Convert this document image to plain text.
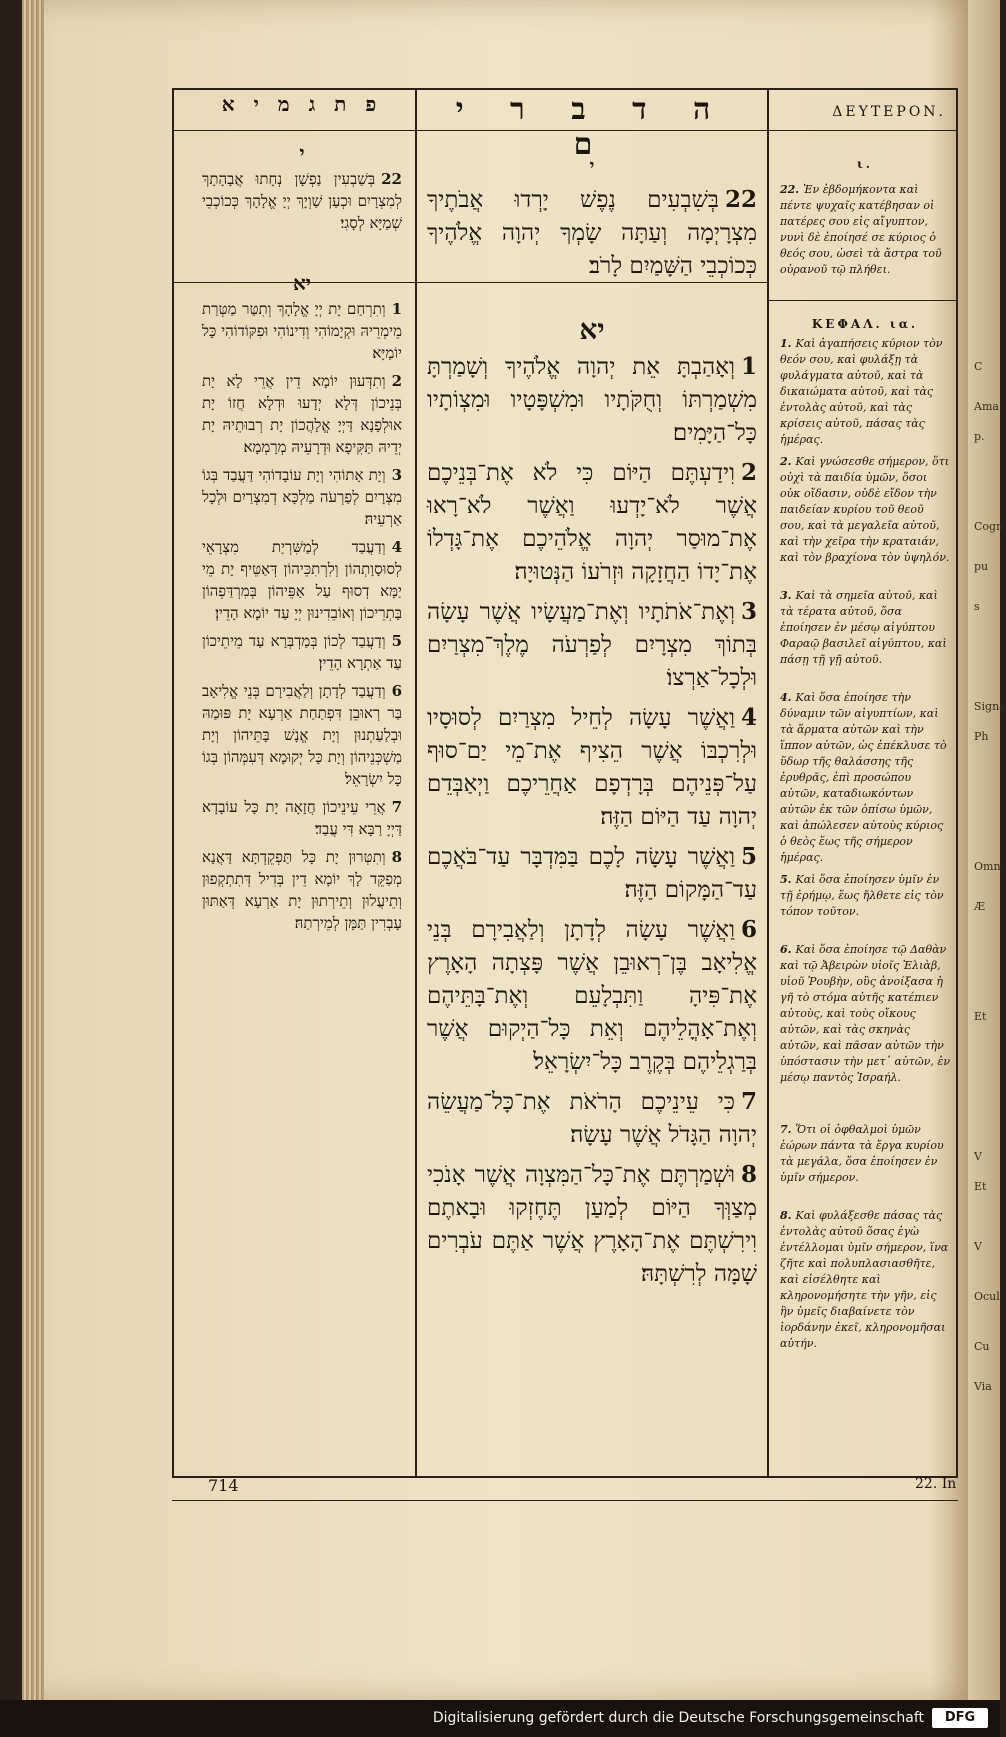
פ ת ג מ י א	ה ד ב ר י ם
ΔΕΥΤΕΡΟΝ.
י
22בְּשַׁבְעִין נַפְשָׁן נְחָתוּ אֲבָהָתָךְ לְמִצְרָיִם וּכְעַן שַׁוְיָךְ יְיָ אֱלָהָךְ כְּכוֹכְבֵי שְׁמַיָּא לְסָגִי׃
יא
1וְתִרְחַם יָת יְיָ אֱלָהָךְ וְתִטַּר מַטְּרַת מֵימְרֵיהּ וּקְיָמוֹהִי וְדִינוֹהִי וּפִקּוֹדוֹהִי כָּל יוֹמַיָּא׃
2וְתִדְּעוּן יוֹמָא דֵין אֲרֵי לָא יָת בְּנֵיכוֹן דְּלָא יְדָעוּ וּדְלָא חֲזוֹ יָת אוּלְפָנָא דַּיְיָ אֱלָהֲכוֹן יָת רְבוּתֵיהּ יָת יְדֵיהּ תַּקִּיפָא וּדְרָעֵיהּ מְרָמְמָא׃
3וְיָת אָתוֹהִי וְיָת עוֹבָדוֹהִי דַּעֲבַד בְּגוֹ מִצְרָיִם לְפַרְעֹה מַלְכָּא דְמִצְרַיִם וּלְכָל אַרְעֵיהּ׃
4וְדַעֲבַד לְמַשִּׁרְיַת מִצְרָאֵי לְסוּסָוָתְהוֹן וְלִרְתִכֵּיהוֹן דְּאַטֵּיף יָת מֵי יַמָּא דְסוּף עַל אַפֵּיהוֹן בְּמִרְדַּפְהוֹן בָּתְרֵיכוֹן וְאוֹבֵדִינוּן יְיָ עַד יוֹמָא הָדֵין׃
5וְדַעֲבַד לְכוֹן בְּמַדְבְּרָא עַד מֵיתֵיכוֹן עַד אַתְרָא הָדֵין׃
6וְדַעֲבַד לְדָתָן וְלַאֲבִירָם בְּנֵי אֱלִיאָב בַּר רְאוּבֵן דִּפְתַחַת אַרְעָא יָת פּוּמַהּ וּבְלַעַתְנוּן וְיָת אֱנָשׁ בָּתֵּיהוֹן וְיָת מַשְׁכְּנֵיהוֹן וְיָת כָּל יְקוּמָא דְּעִמְּהוֹן בְּגוֹ כָּל יִשְׂרָאֵל׃
7אֲרֵי עֵינֵיכוֹן חֲזָאָה יָת כָּל עוֹבָדָא דַּיְיָ רַבָּא דִּי עֲבַד׃
8וְתִטְּרוּן יָת כָּל תַּפְקֵדְתָּא דַּאֲנָא מְפַקֵּד לָךְ יוֹמָא דֵין בְּדִיל דְּתִתְקְפוּן וְתֵיעֲלוּן וְתֵירְתוּן יָת אַרְעָא דְּאַתּוּן עָבְרִין תַּמָּן לְמֵירְתַהּ׃
י
22בְּשִׁבְעִים נֶפֶשׁ יָרְדוּ אֲבֹתֶיךָ מִצְרָיְמָה וְעַתָּה שָׂמְךָ יְהוָה אֱלֹהֶיךָ כְּכוֹכְבֵי הַשָּׁמַיִם לָרֹב׃
יא
1וְאָהַבְתָּ אֵת יְהוָה אֱלֹהֶיךָ וְשָׁמַרְתָּ מִשְׁמַרְתּוֹ וְחֻקֹּתָיו וּמִשְׁפָּטָיו וּמִצְוֹתָיו כָּל־הַיָּמִים׃
2וִידַעְתֶּם הַיּוֹם כִּי לֹא אֶת־בְּנֵיכֶם אֲשֶׁר לֹא־יָדְעוּ וַאֲשֶׁר לֹא־רָאוּ אֶת־מוּסַר יְהוָה אֱלֹהֵיכֶם אֶת־גָּדְלוֹ אֶת־יָדוֹ הַחֲזָקָה וּזְרֹעוֹ הַנְּטוּיָה׃
3וְאֶת־אֹתֹתָיו וְאֶת־מַעֲשָׂיו אֲשֶׁר עָשָׂה בְּתוֹךְ מִצְרָיִם לְפַרְעֹה מֶלֶךְ־מִצְרַיִם וּלְכָל־אַרְצוֹ׃
4וַאֲשֶׁר עָשָׂה לְחֵיל מִצְרַיִם לְסוּסָיו וּלְרִכְבּוֹ אֲשֶׁר הֵצִיף אֶת־מֵי יַם־סוּף עַל־פְּנֵיהֶם בְּרָדְפָם אַחֲרֵיכֶם וַיְאַבְּדֵם יְהוָה עַד הַיּוֹם הַזֶּה׃
5וַאֲשֶׁר עָשָׂה לָכֶם בַּמִּדְבָּר עַד־בֹּאֲכֶם עַד־הַמָּקוֹם הַזֶּה׃
6וַאֲשֶׁר עָשָׂה לְדָתָן וְלַאֲבִירָם בְּנֵי אֱלִיאָב בֶּן־רְאוּבֵן אֲשֶׁר פָּצְתָה הָאָרֶץ אֶת־פִּיהָ וַתִּבְלָעֵם וְאֶת־בָּתֵּיהֶם וְאֶת־אָהֳלֵיהֶם וְאֵת כָּל־הַיְקוּם אֲשֶׁר בְּרַגְלֵיהֶם בְּקֶרֶב כָּל־יִשְׂרָאֵל׃
7כִּי עֵינֵיכֶם הָרֹאֹת אֶת־כָּל־מַעֲשֵׂה יְהוָה הַגָּדֹל אֲשֶׁר עָשָׂה׃
8וּשְׁמַרְתֶּם אֶת־כָּל־הַמִּצְוָה אֲשֶׁר אָנֹכִי מְצַוְּךָ הַיּוֹם לְמַעַן תֶּחֶזְקוּ וּבָאתֶם וִירִשְׁתֶּם אֶת־הָאָרֶץ אֲשֶׁר אַתֶּם עֹבְרִים שָׁמָּה לְרִשְׁתָּהּ׃
ι.
22. Ἐν ἑβδομήκοντα καὶ πέντε ψυχαῖς κατέβησαν οἱ πατέρες σου εἰς αἴγυπτον, νυνὶ δὲ ἐποίησέ σε κύριος ὁ θεός σου, ὡσεὶ τὰ ἄστρα τοῦ οὐρανοῦ τῷ πλήθει.
ΚΕΦΑΛ. ια.
1. Καὶ ἀγαπήσεις κύριον τὸν θεόν σου, καὶ φυλάξῃ τὰ φυλάγματα αὐτοῦ, καὶ τὰ δικαιώματα αὐτοῦ, καὶ τὰς ἐντολὰς αὐτοῦ, καὶ τὰς κρίσεις αὐτοῦ, πάσας τὰς ἡμέρας.
2. Καὶ γνώσεσθε σήμερον, ὅτι οὐχὶ τὰ παιδία ὑμῶν, ὅσοι οὐκ οἴδασιν, οὐδὲ εἴδον τὴν παιδείαν κυρίου τοῦ θεοῦ σου, καὶ τὰ μεγαλεῖα αὐτοῦ, καὶ τὴν χεῖρα τὴν κραταιάν, καὶ τὸν βραχίονα τὸν ὑψηλόν.
3. Καὶ τὰ σημεῖα αὐτοῦ, καὶ τὰ τέρατα αὐτοῦ, ὅσα ἐποίησεν ἐν μέσῳ αἰγύπτου Φαραῷ βασιλεῖ αἰγύπτου, καὶ πάσῃ τῇ γῇ αὐτοῦ.
4. Καὶ ὅσα ἐποίησε τὴν δύναμιν τῶν αἰγυπτίων, καὶ τὰ ἅρματα αὐτῶν καὶ τὴν ἵππον αὐτῶν, ὡς ἐπέκλυσε τὸ ὕδωρ τῆς θαλάσσης τῆς ἐρυθρᾶς, ἐπὶ προσώπου αὐτῶν, καταδιωκόντων αὐτῶν ἐκ τῶν ὀπίσω ὑμῶν, καὶ ἀπώλεσεν αὐτοὺς κύριος ὁ θεὸς ἕως τῆς σήμερον ἡμέρας.
5. Καὶ ὅσα ἐποίησεν ὑμῖν ἐν τῇ ἐρήμῳ, ἕως ἤλθετε εἰς τὸν τόπον τοῦτον.
6. Καὶ ὅσα ἐποίησε τῷ Δαθὰν καὶ τῷ Ἀβειρὼν υἱοῖς Ἐλιὰβ, υἱοῦ Ῥουβὴν, οὓς ἀνοίξασα ἡ γῆ τὸ στόμα αὐτῆς κατέπιεν αὐτοὺς, καὶ τοὺς οἴκους αὐτῶν, καὶ τὰς σκηνὰς αὐτῶν, καὶ πᾶσαν αὐτῶν τὴν ὑπόστασιν τὴν μετ᾽ αὐτῶν, ἐν μέσῳ παντὸς Ἰσραήλ.
7. Ὅτι οἱ ὀφθαλμοὶ ὑμῶν ἑώρων πάντα τὰ ἔργα κυρίου τὰ μεγάλα, ὅσα ἐποίησεν ἐν ὑμῖν σήμερον.
8. Καὶ φυλάξεσθε πάσας τὰς ἐντολὰς αὐτοῦ ὅσας ἐγὼ ἐντέλλομαι ὑμῖν σήμερον, ἵνα ζῆτε καὶ πολυπλασιασθῆτε, καὶ εἰσέλθητε καὶ κληρονομήσητε τὴν γῆν, εἰς ἣν ὑμεῖς διαβαίνετε τὸν ἰορδάνην ἐκεῖ, κληρονομῆσαι αὐτήν.
714	22. In
C
Ama
p.
Cogn
pu
s
Signa
Ph
Omn
Æ
Et
V
Et
V
Ocul
Cu
Via
Digitalisierung gefördert durch die Deutsche Forschungsgemeinschaft	DFG
